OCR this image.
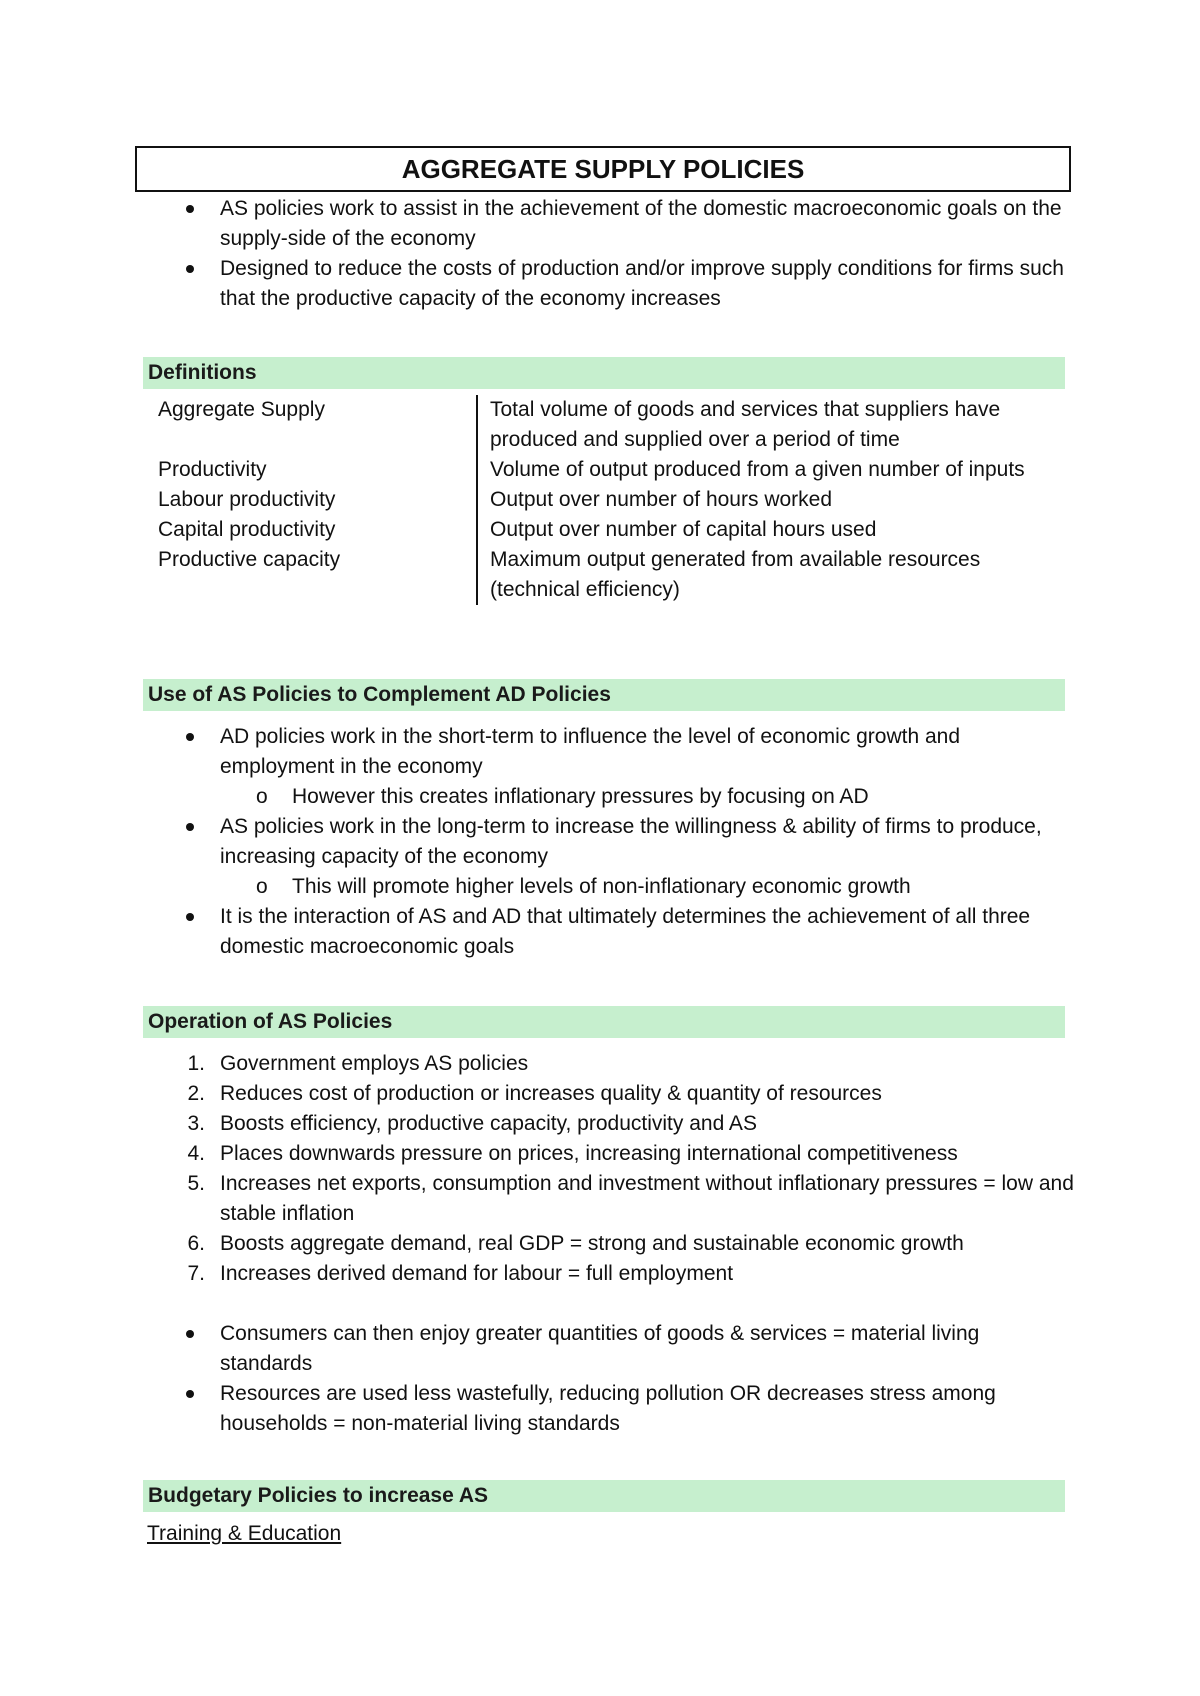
AGGREGATE SUPPLY POLICIES
AS policies work to assist in the achievement of the domestic macroeconomic goals on the supply-side of the economy
Designed to reduce the costs of production and/or improve supply conditions for firms such that the productive capacity of the economy increases
Definitions
Aggregate Supply	Total volume of goods and services that suppliers have produced and supplied over a period of time
Productivity	Volume of output produced from a given number of inputs
Labour productivity	Output over number of hours worked
Capital productivity	Output over number of capital hours used
Productive capacity	Maximum output generated from available resources (technical efficiency)
Use of AS Policies to Complement AD Policies
AD policies work in the short-term to influence the level of economic growth and employment in the economy
o However this creates inflationary pressures by focusing on AD
AS policies work in the long-term to increase the willingness & ability of firms to produce, increasing capacity of the economy
o This will promote higher levels of non-inflationary economic growth
It is the interaction of AS and AD that ultimately determines the achievement of all three domestic macroeconomic goals
Operation of AS Policies
Government employs AS policies
Reduces cost of production or increases quality & quantity of resources
Boosts efficiency, productive capacity, productivity and AS
Places downwards pressure on prices, increasing international competitiveness
Increases net exports, consumption and investment without inflationary pressures = low and stable inflation
Boosts aggregate demand, real GDP = strong and sustainable economic growth
Increases derived demand for labour = full employment
Consumers can then enjoy greater quantities of goods & services = material living standards
Resources are used less wastefully, reducing pollution OR decreases stress among households = non-material living standards
Budgetary Policies to increase AS
Training & Education
